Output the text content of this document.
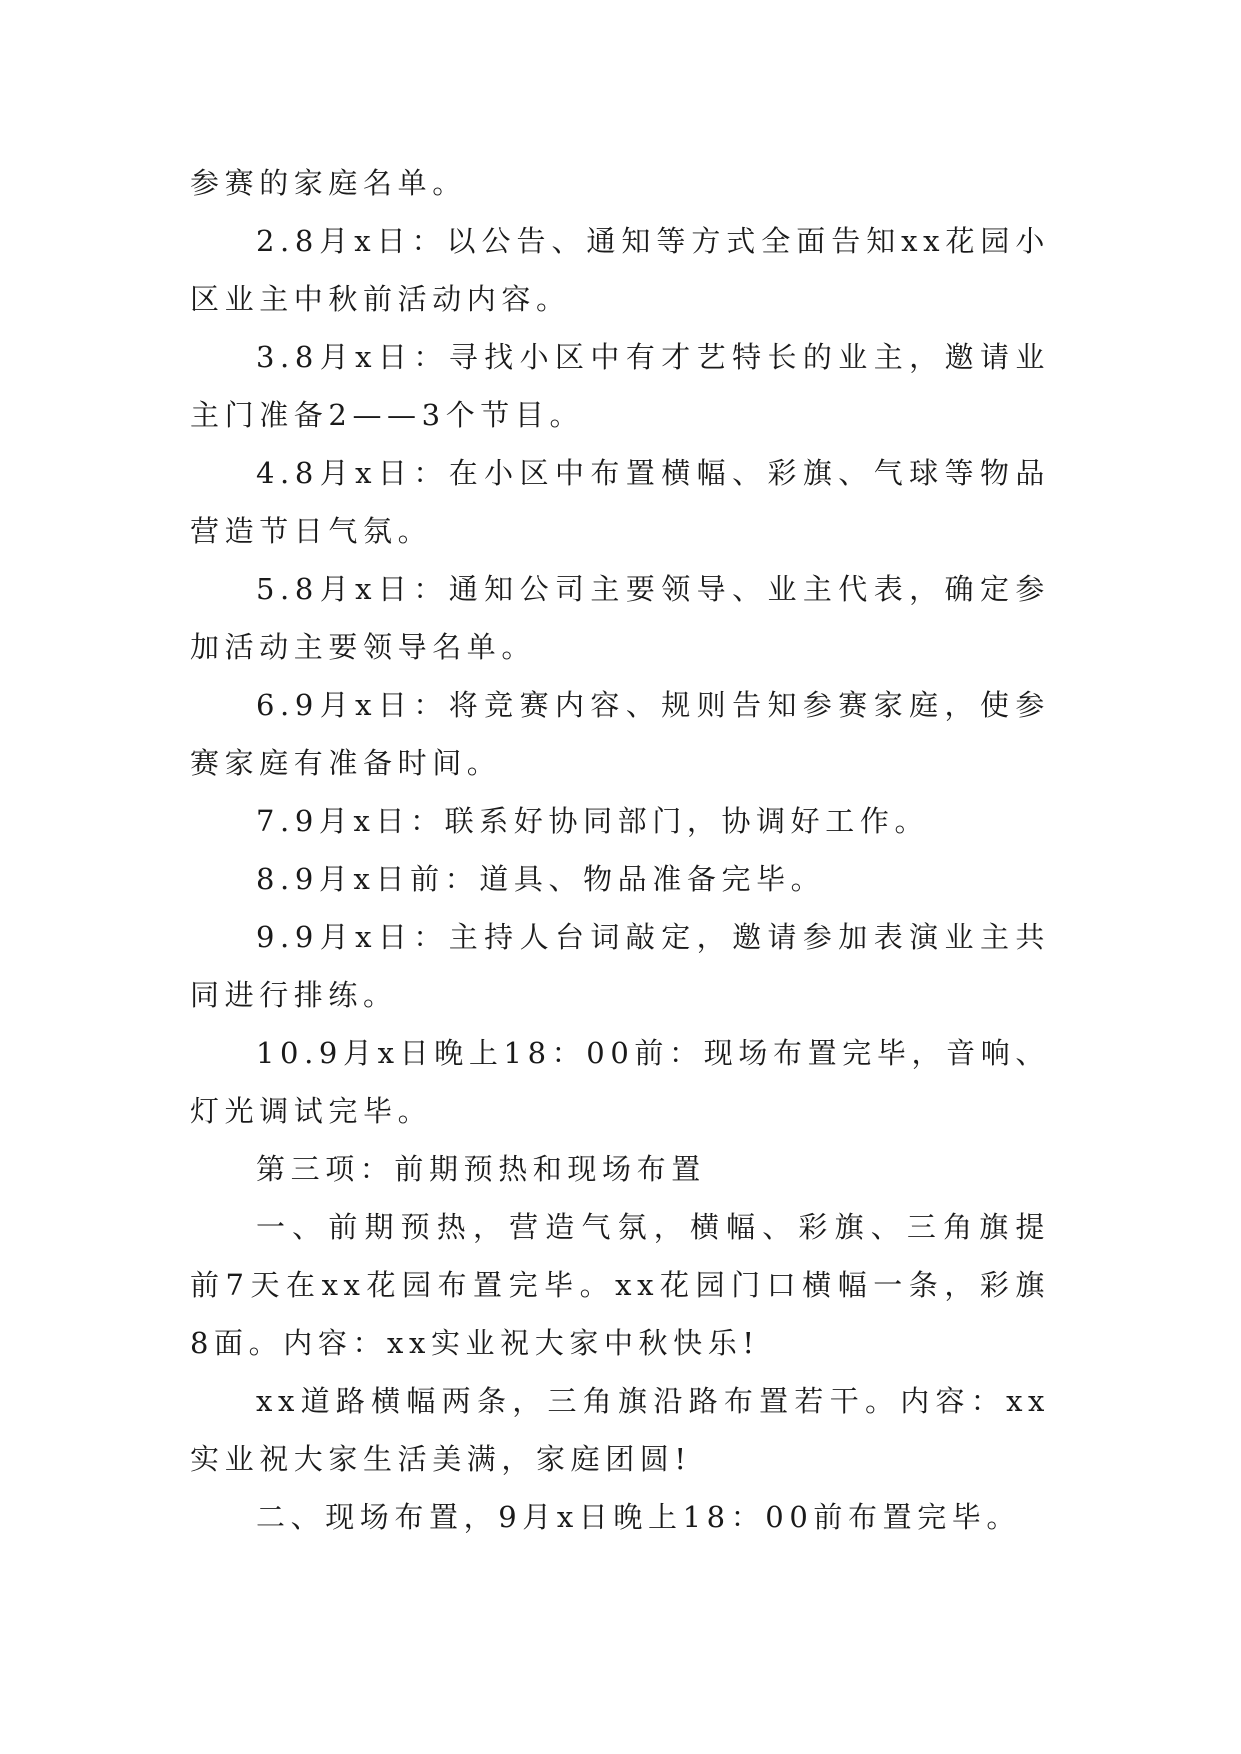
参赛的家庭名单。

2.8月x日：以公告、通知等方式全面告知xx花园小区业主中秋前活动内容。

3.8月x日：寻找小区中有才艺特长的业主，邀请业主门准备2——3个节目。

4.8月x日：在小区中布置横幅、彩旗、气球等物品营造节日气氛。

5.8月x日：通知公司主要领导、业主代表，确定参加活动主要领导名单。

6.9月x日：将竞赛内容、规则告知参赛家庭，使参赛家庭有准备时间。

7.9月x日：联系好协同部门，协调好工作。

8.9月x日前：道具、物品准备完毕。

9.9月x日：主持人台词敲定，邀请参加表演业主共同进行排练。

10.9月x日晚上18：00前：现场布置完毕，音响、灯光调试完毕。

第三项：前期预热和现场布置

一、前期预热，营造气氛，横幅、彩旗、三角旗提前7天在xx花园布置完毕。xx花园门口横幅一条，彩旗8面。内容：xx实业祝大家中秋快乐!

xx道路横幅两条，三角旗沿路布置若干。内容：xx实业祝大家生活美满，家庭团圆!

二、现场布置，9月x日晚上18：00前布置完毕。
